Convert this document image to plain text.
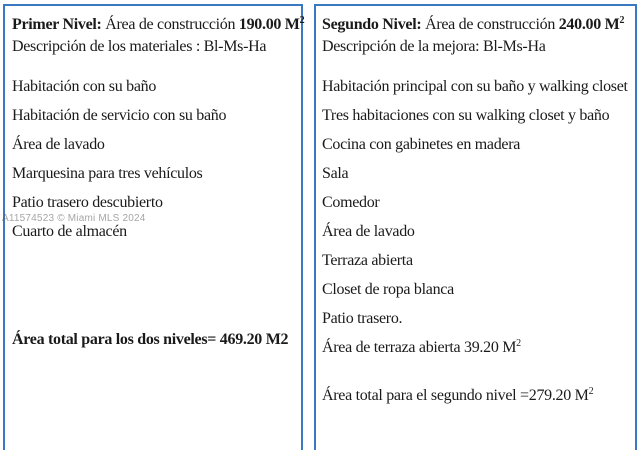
Primer Nivel: Área de construcción 190.00 $M^2$
Descripción de los materiales : Bl-Ms-Ha
Habitación con su baño
Habitación de servicio con su baño
Área de lavado
Marquesina para tres vehículos
Patio trasero descubierto
Cuarto de almacén
Área total para los dos niveles= 469.20 M2
Segundo Nivel: Área de construcción 240.00 $M^2$
Descripción de la mejora: Bl-Ms-Ha
Habitación principal con su baño y walking closet
Tres habitaciones con su walking closet y baño
Cocina con gabinetes en madera
Sala
Comedor
Área de lavado
Terraza abierta
Closet de ropa blanca
Patio trasero.
Área de terraza abierta 39.20 $M^2$
Área total para el segundo nivel =279.20 $M^2$
A11574523 © Miami MLS 2024
